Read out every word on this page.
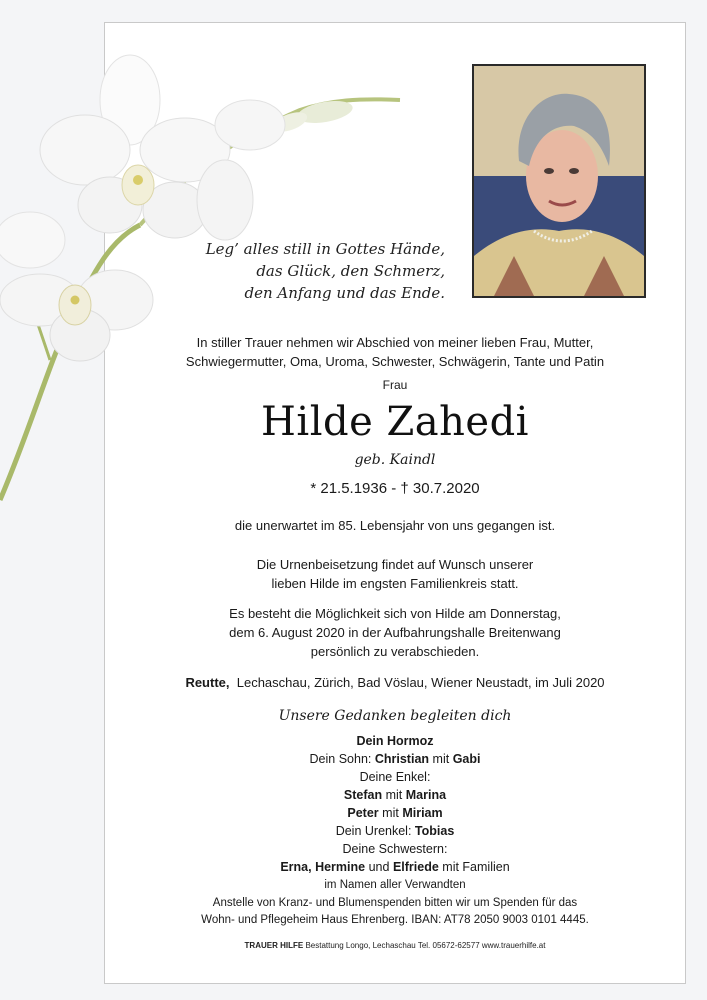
Leg’ alles still in Gottes Hände,
das Glück, den Schmerz,
den Anfang und das Ende.
In stiller Trauer nehmen wir Abschied von meiner lieben Frau, Mutter,
Schwiegermutter, Oma, Uroma, Schwester, Schwägerin, Tante und Patin
Frau
Hilde Zahedi
geb. Kaindl
* 21.5.1936 - † 30.7.2020
die unerwartet im 85. Lebensjahr von uns gegangen ist.
Die Urnenbeisetzung findet auf Wunsch unserer
lieben Hilde im engsten Familienkreis statt.
Es besteht die Möglichkeit sich von Hilde am Donnerstag,
dem 6. August 2020 in der Aufbahrungshalle Breitenwang
persönlich zu verabschieden.
Reutte, Lechaschau, Zürich, Bad Vöslau, Wiener Neustadt, im Juli 2020
Unsere Gedanken begleiten dich
Dein Hormoz
Dein Sohn: Christian mit Gabi
Deine Enkel:
Stefan mit Marina
Peter mit Miriam
Dein Urenkel: Tobias
Deine Schwestern:
Erna, Hermine und Elfriede mit Familien
im Namen aller Verwandten
Anstelle von Kranz- und Blumenspenden bitten wir um Spenden für das
Wohn- und Pflegeheim Haus Ehrenberg. IBAN: AT78 2050 9003 0101 4445.
TRAUER HILFE Bestattung Longo, Lechaschau Tel. 05672-62577 www.trauerhilfe.at
